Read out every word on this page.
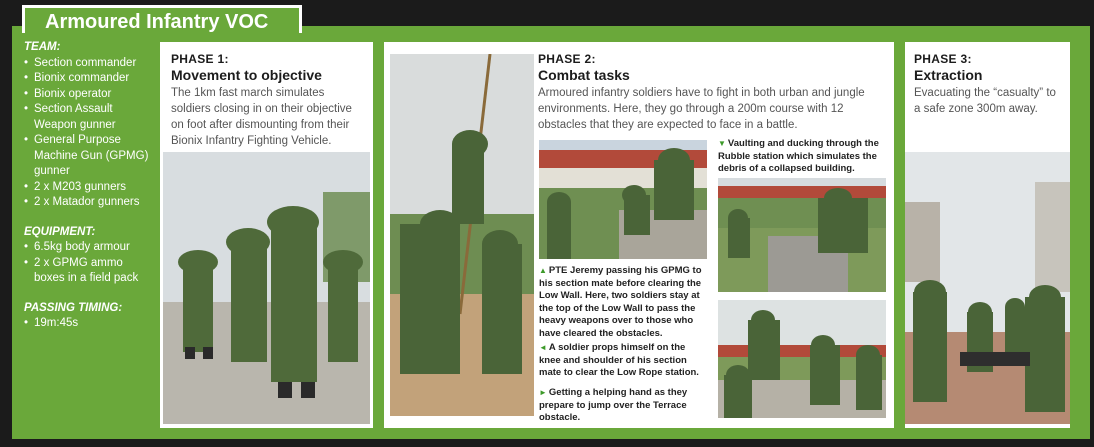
Armoured Infantry VOC
TEAM:
• Section commander
• Bionix commander
• Bionix operator
• Section Assault Weapon gunner
• General Purpose Machine Gun (GPMG) gunner
• 2 x M203 gunners
• 2 x Matador gunners
EQUIPMENT:
• 6.5kg body armour
• 2 x GPMG ammo boxes in a field pack
PASSING TIMING:
• 19m:45s
PHASE 1:
Movement to objective
The 1km fast march simulates soldiers closing in on their objective on foot after dismounting from their Bionix Infantry Fighting Vehicle.
PHASE 2:
Combat tasks
Armoured infantry soldiers have to fight in both urban and jungle environments. Here, they go through a 200m course with 12 obstacles that they are expected to face in a battle.
▲ PTE Jeremy passing his GPMG to his section mate before clearing the Low Wall. Here, two soldiers stay at the top of the Low Wall to pass the heavy weapons over to those who have cleared the obstacles.
◄ A soldier props himself on the knee and shoulder of his section mate to clear the Low Rope station.
► Getting a helping hand as they prepare to jump over the Terrace obstacle.
▼ Vaulting and ducking through the Rubble station which simulates the debris of a collapsed building.
PHASE 3:
Extraction
Evacuating the “casualty” to a safe zone 300m away.
